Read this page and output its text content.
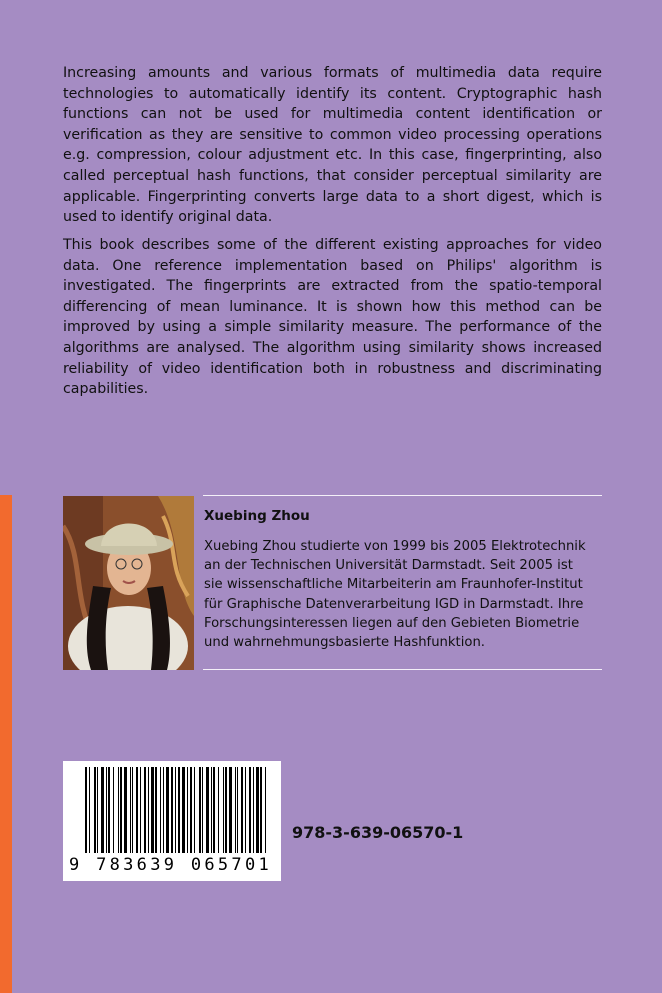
Increasing amounts and various formats of multimedia data require technologies to automatically identify its content. Cryptographic hash functions can not be used for multimedia content identification or verification as they are sensitive to common video processing operations e.g. compression, colour adjustment etc. In this case, fingerprinting, also called perceptual hash functions, that consider perceptual similarity are applicable. Fingerprinting converts large data to a short digest, which is used to identify original data.

This book describes some of the different existing approaches for video data. One reference implementation based on Philips' algorithm is investigated. The fingerprints are extracted from the spatio-temporal differencing of mean luminance. It is shown how this method can be improved by using a simple similarity measure. The performance of the algorithms are analysed. The algorithm using similarity shows increased reliability of video identification both in robustness and discriminating capabilities.

Xuebing Zhou
Xuebing Zhou studierte von 1999 bis 2005 Elektrotechnik
an der Technischen Universität Darmstadt. Seit 2005 ist
sie wissenschaftliche Mitarbeiterin am Fraunhofer-Institut
für Graphische Datenverarbeitung IGD in Darmstadt. Ihre
Forschungsinteressen liegen auf den Gebieten Biometrie
und wahrnehmungsbasierte Hashfunktion.
9 783639 065701
978-3-639-06570-1
